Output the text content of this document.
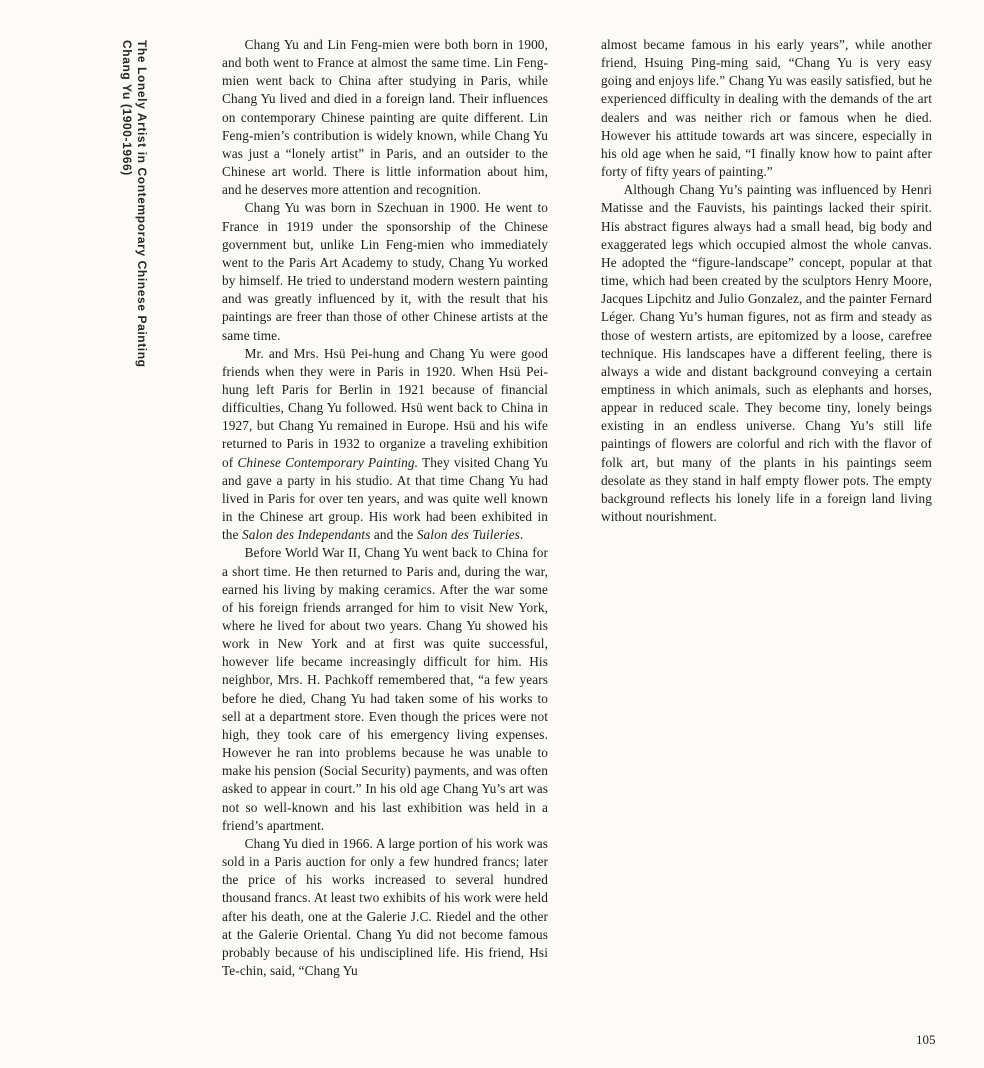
Chang Yu (1900-1966) The Lonely Artist in Contemporary Chinese Painting	Chang Yu and Lin Feng-mien were both born in 1900, and both went to France at almost the same time. Lin Feng-mien went back to China after studying in Paris, while Chang Yu lived and died in a foreign land. Their influences on contemporary Chinese painting are quite different. Lin Feng-mien’s contribution is widely known, while Chang Yu was just a “lonely artist” in Paris, and an outsider to the Chinese art world. There is little information about him, and he deserves more attention and recognition.

Chang Yu was born in Szechuan in 1900. He went to France in 1919 under the sponsorship of the Chinese government but, unlike Lin Feng-mien who immediately went to the Paris Art Academy to study, Chang Yu worked by himself. He tried to understand modern western painting and was greatly influenced by it, with the result that his paintings are freer than those of other Chinese artists at the same time.

Mr. and Mrs. Hsü Pei-hung and Chang Yu were good friends when they were in Paris in 1920. When Hsü Pei-hung left Paris for Berlin in 1921 because of financial difficulties, Chang Yu followed. Hsü went back to China in 1927, but Chang Yu remained in Europe. Hsü and his wife returned to Paris in 1932 to organize a traveling exhibition of Chinese Contemporary Painting. They visited Chang Yu and gave a party in his studio. At that time Chang Yu had lived in Paris for over ten years, and was quite well known in the Chinese art group. His work had been exhibited in the Salon des Independants and the Salon des Tuileries.

Before World War II, Chang Yu went back to China for a short time. He then returned to Paris and, during the war, earned his living by making ceramics. After the war some of his foreign friends arranged for him to visit New York, where he lived for about two years. Chang Yu showed his work in New York and at first was quite successful, however life became increasingly difficult for him. His neighbor, Mrs. H. Pachkoff remembered that, “a few years before he died, Chang Yu had taken some of his works to sell at a department store. Even though the prices were not high, they took care of his emergency living expenses. However he ran into problems because he was unable to make his pension (Social Security) payments, and was often asked to appear in court.” In his old age Chang Yu’s art was not so well-known and his last exhibition was held in a friend’s apartment.

Chang Yu died in 1966. A large portion of his work was sold in a Paris auction for only a few hundred francs; later the price of his works increased to several hundred thousand francs. At least two exhibits of his work were held after his death, one at the Galerie J.C. Riedel and the other at the Galerie Oriental. Chang Yu did not become famous probably because of his undisciplined life. His friend, Hsi Te-chin, said, “Chang Yu

almost became famous in his early years”, while another friend, Hsuing Ping-ming said, “Chang Yu is very easy going and enjoys life.” Chang Yu was easily satisfied, but he experienced difficulty in dealing with the demands of the art dealers and was neither rich or famous when he died. However his attitude towards art was sincere, especially in his old age when he said, “I finally know how to paint after forty of fifty years of painting.”

Although Chang Yu’s painting was influenced by Henri Matisse and the Fauvists, his paintings lacked their spirit. His abstract figures always had a small head, big body and exaggerated legs which occupied almost the whole canvas. He adopted the “figure-landscape” concept, popular at that time, which had been created by the sculptors Henry Moore, Jacques Lipchitz and Julio Gonzalez, and the painter Fernard Léger. Chang Yu’s human figures, not as firm and steady as those of western artists, are epitomized by a loose, carefree technique. His landscapes have a different feeling, there is always a wide and distant background conveying a certain emptiness in which animals, such as elephants and horses, appear in reduced scale. They become tiny, lonely beings existing in an endless universe. Chang Yu’s still life paintings of flowers are colorful and rich with the flavor of folk art, but many of the plants in his paintings seem desolate as they stand in half empty flower pots. The empty background reflects his lonely life in a foreign land living without nourishment.

105
